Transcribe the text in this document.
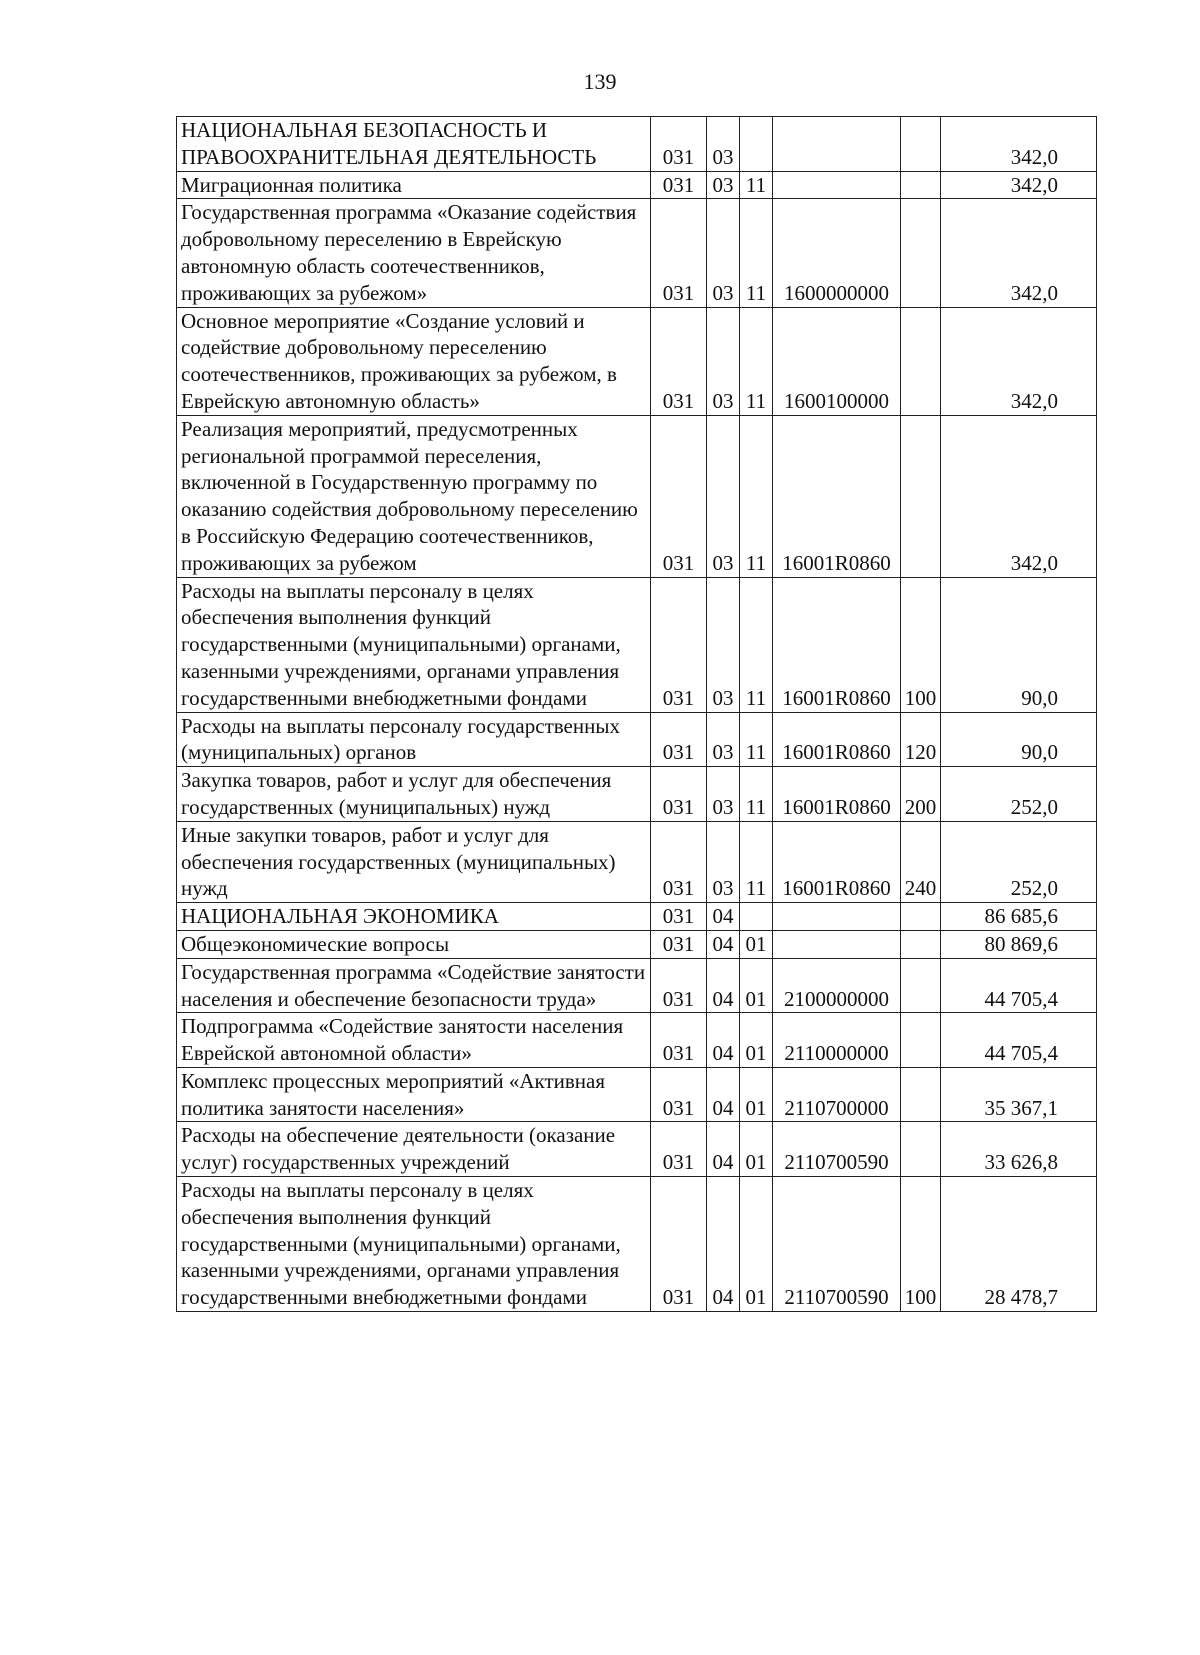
139
НАЦИОНАЛЬНАЯ БЕЗОПАСНОСТЬ И ПРАВООХРАНИТЕЛЬНАЯ ДЕЯТЕЛЬНОСТЬ	031	03				342,0
Миграционная политика	031	03	11			342,0
Государственная программа «Оказание содействия добровольному переселению в Еврейскую автономную область соотечественников, проживающих за рубежом»	031	03	11	1600000000		342,0
Основное мероприятие «Создание условий и содействие добровольному переселению соотечественников, проживающих за рубежом, в Еврейскую автономную область»	031	03	11	1600100000		342,0
Реализация мероприятий, предусмотренных региональной программой переселения, включенной в Государственную программу по оказанию содействия добровольному переселению в Российскую Федерацию соотечественников, проживающих за рубежом	031	03	11	16001R0860		342,0
Расходы на выплаты персоналу в целях обеспечения выполнения функций государственными (муниципальными) органами, казенными учреждениями, органами управления государственными внебюджетными фондами	031	03	11	16001R0860	100	90,0
Расходы на выплаты персоналу государственных (муниципальных) органов	031	03	11	16001R0860	120	90,0
Закупка товаров, работ и услуг для обеспечения государственных (муниципальных) нужд	031	03	11	16001R0860	200	252,0
Иные закупки товаров, работ и услуг для обеспечения государственных (муниципальных) нужд	031	03	11	16001R0860	240	252,0
НАЦИОНАЛЬНАЯ ЭКОНОМИКА	031	04				86 685,6
Общеэкономические вопросы	031	04	01			80 869,6
Государственная программа «Содействие занятости населения и обеспечение безопасности труда»	031	04	01	2100000000		44 705,4
Подпрограмма «Содействие занятости населения Еврейской автономной области»	031	04	01	2110000000		44 705,4
Комплекс процессных мероприятий «Активная политика занятости населения»	031	04	01	2110700000		35 367,1
Расходы на обеспечение деятельности (оказание услуг) государственных учреждений	031	04	01	2110700590		33 626,8
Расходы на выплаты персоналу в целях обеспечения выполнения функций государственными (муниципальными) органами, казенными учреждениями, органами управления государственными внебюджетными фондами	031	04	01	2110700590	100	28 478,7
